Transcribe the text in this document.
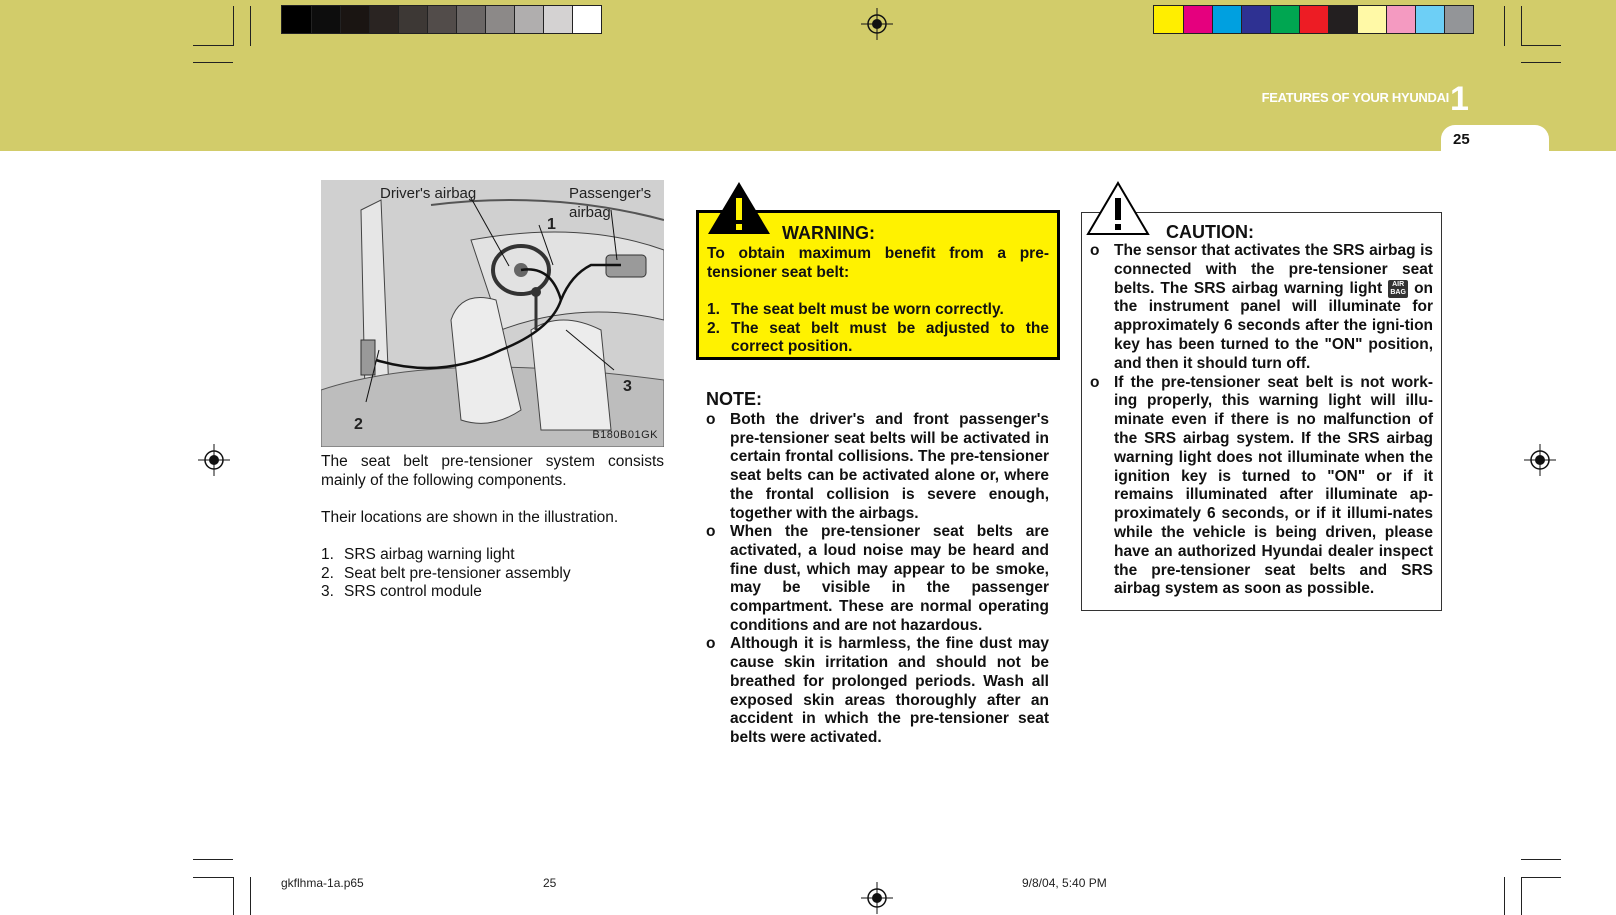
FEATURES OF YOUR HYUNDAI 1
25
Driver's airbag	Passenger's
airbag
1
2
3
B180B01GK
The seat belt pre-tensioner system consists mainly of the following components.
Their locations are shown in the illustration.
1. SRS airbag warning light
2. Seat belt pre-tensioner assembly
3. SRS control module
WARNING:
To obtain maximum benefit from a pre-tensioner seat belt:
1. The seat belt must be worn correctly.
2. The seat belt must be adjusted to the correct position.
NOTE:
o Both the driver's and front passenger's pre-tensioner seat belts will be activated in certain frontal collisions. The pre-tensioner seat belts can be activated alone or, where the frontal collision is severe enough, together with the airbags.
o When the pre-tensioner seat belts are activated, a loud noise may be heard and fine dust, which may appear to be smoke, may be visible in the passenger compartment. These are normal operating conditions and are not hazardous.
o Although it is harmless, the fine dust may cause skin irritation and should not be breathed for prolonged periods. Wash all exposed skin areas thoroughly after an accident in which the pre-tensioner seat belts were activated.
CAUTION:
o The sensor that activates the SRS airbag is connected with the pre-tensioner seat belts. The SRS airbag warning light AIR
BAG on the instrument panel will illuminate for approximately 6 seconds after the igni-tion key has been turned to the "ON" position, and then it should turn off.
o If the pre-tensioner seat belt is not work-ing properly, this warning light will illu-minate even if there is no malfunction of the SRS airbag system. If the SRS airbag warning light does not illuminate when the ignition key is turned to "ON" or if it remains illuminated after illuminate ap-proximately 6 seconds, or if it illumi-nates while the vehicle is being driven, please have an authorized Hyundai dealer inspect the pre-tensioner seat belts and SRS airbag system as soon as possible.
gkflhma-1a.p65	25	9/8/04, 5:40 PM
